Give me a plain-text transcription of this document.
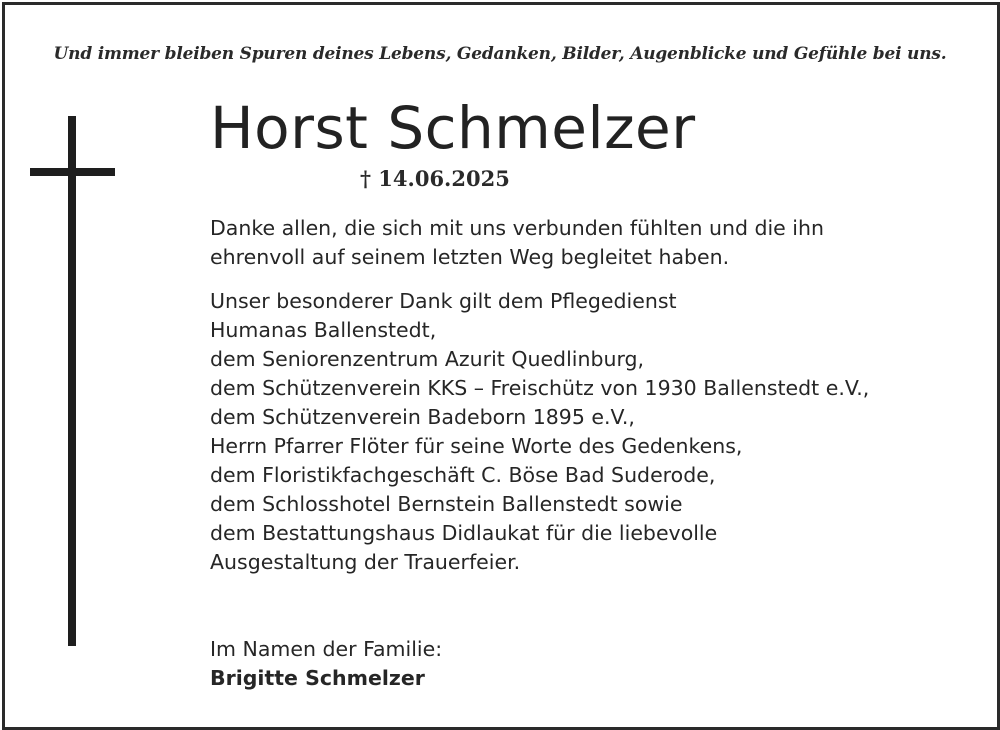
Und immer bleiben Spuren deines Lebens, Gedanken, Bilder, Augenblicke und Gefühle bei uns.
Horst Schmelzer
† 14.06.2025
Danke allen, die sich mit uns verbunden fühlten und die ihn
ehrenvoll auf seinem letzten Weg begleitet haben.
Unser besonderer Dank gilt dem Pflegedienst
Humanas Ballenstedt,
dem Seniorenzentrum Azurit Quedlinburg,
dem Schützenverein KKS – Freischütz von 1930 Ballenstedt e.V.,
dem Schützenverein Badeborn 1895 e.V.,
Herrn Pfarrer Flöter für seine Worte des Gedenkens,
dem Floristikfachgeschäft C. Böse Bad Suderode,
dem Schlosshotel Bernstein Ballenstedt sowie
dem Bestattungshaus Didlaukat für die liebevolle
Ausgestaltung der Trauerfeier.
Im Namen der Familie:
Brigitte Schmelzer
